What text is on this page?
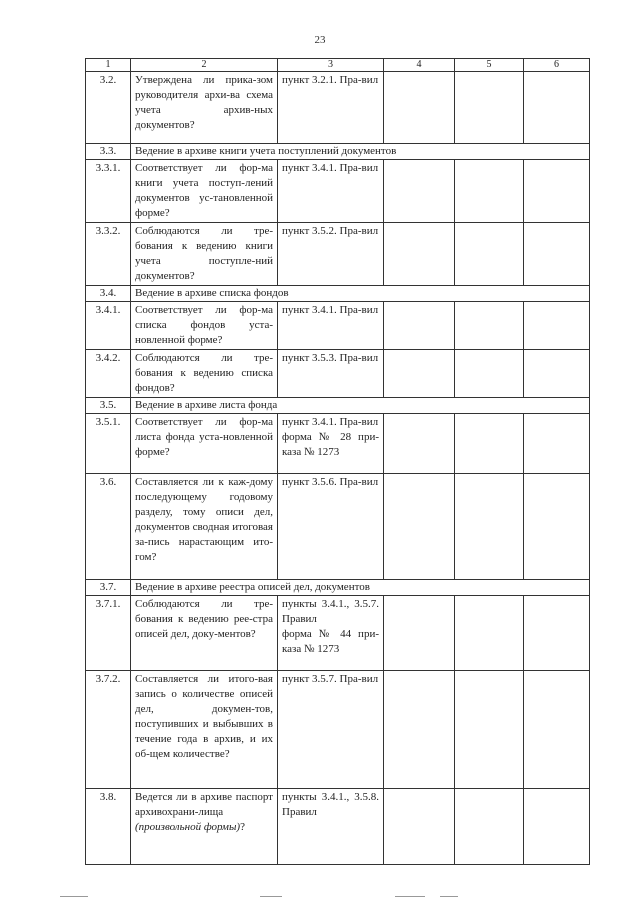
23
1	2	3	4	5	6
3.2.	Утверждена ли прика-зом руководителя архи-ва схема учета архив-ных документов?	пункт 3.2.1. Пра-вил			

3.3.	Ведение в архиве книги учета поступлений документов				
3.3.1.	Соответствует ли фор-ма книги учета поступ-лений документов ус-тановленной форме?	пункт 3.4.1. Пра-вил			

3.3.2.	Соблюдаются ли тре-бования к ведению книги учета поступле-ний документов?	пункт 3.5.2. Пра-вил			

3.4.	Ведение в архиве списка фондов				
3.4.1.	Соответствует ли фор-ма списка фондов уста-новленной форме?	пункт 3.4.1. Пра-вил			

3.4.2.	Соблюдаются ли тре-бования к ведению списка фондов?	пункт 3.5.3. Пра-вил			

3.5.	Ведение в архиве листа фонда				
3.5.1.	Соответствует ли фор-ма листа фонда уста-новленной форме?	пункт 3.4.1. Пра-вил
форма № 28 при-каза № 1273			

3.6.	Составляется ли к каж-дому последующему годовому разделу, тому описи дел, документов сводная итоговая за-пись нарастающим ито-гом?	пункт 3.5.6. Пра-вил			

3.7.	Ведение в архиве реестра описей дел, документов				
3.7.1.	Соблюдаются ли тре-бования к ведению рее-стра описей дел, доку-ментов?	пункты 3.4.1., 3.5.7. Правил
форма № 44 при-каза № 1273			

3.7.2.	Составляется ли итого-вая запись о количестве описей дел, докумен-тов, поступивших и выбывших в течение года в архив, и их об-щем количестве?	пункт 3.5.7. Пра-вил			

3.8.	Ведется ли в архиве паспорт архивохрани-лища (произвольной формы)?	пункты 3.4.1., 3.5.8. Правил			
